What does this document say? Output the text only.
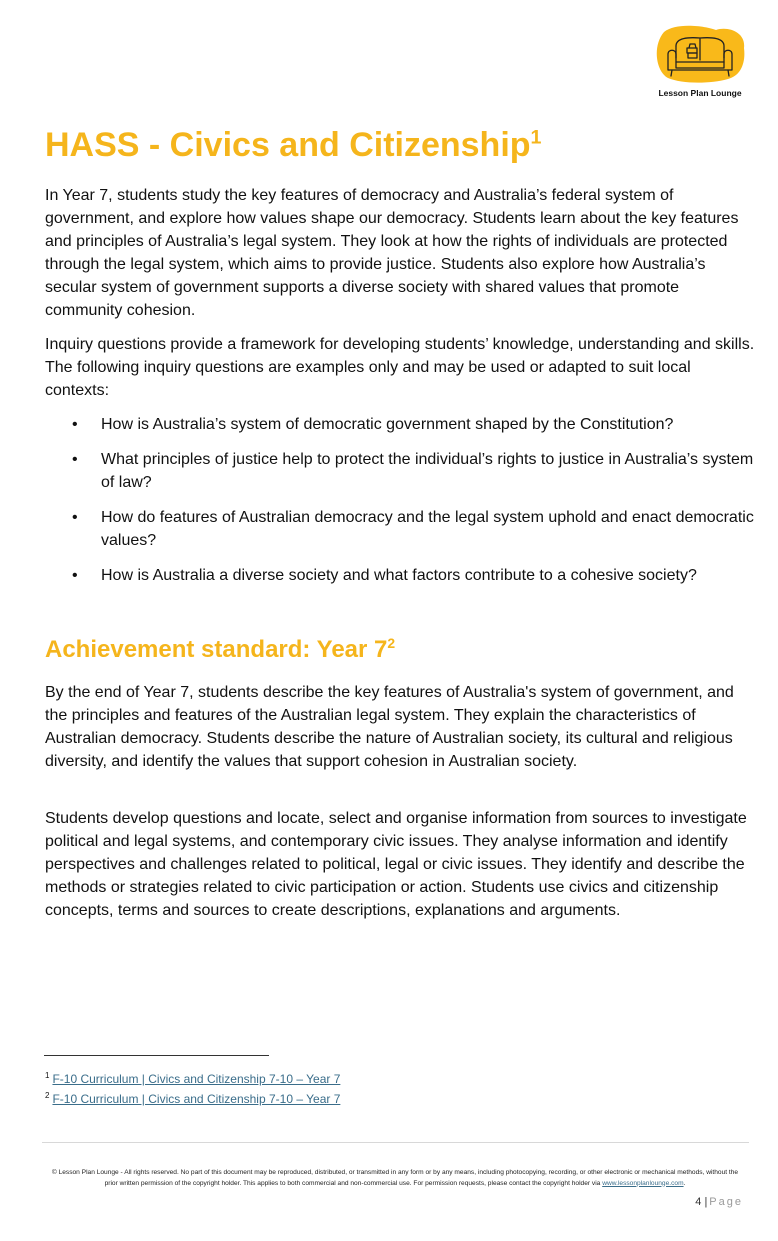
Lesson Plan Lounge
HASS - Civics and Citizenship$^1$

In Year 7, students study the key features of democracy and Australia’s federal system of government, and explore how values shape our democracy. Students learn about the key features and principles of Australia’s legal system. They look at how the rights of individuals are protected through the legal system, which aims to provide justice. Students also explore how Australia’s secular system of government supports a diverse society with shared values that promote community cohesion.

Inquiry questions provide a framework for developing students’ knowledge, understanding and skills. The following inquiry questions are examples only and may be used or adapted to suit local contexts:

• How is Australia’s system of democratic government shaped by the Constitution?
• What principles of justice help to protect the individual’s rights to justice in Australia’s system of law?
• How do features of Australian democracy and the legal system uphold and enact democratic values?
• How is Australia a diverse society and what factors contribute to a cohesive society?
Achievement standard: Year $7^2$

By the end of Year 7, students describe the key features of Australia's system of government, and the principles and features of the Australian legal system. They explain the characteristics of Australian democracy. Students describe the nature of Australian society, its cultural and religious diversity, and identify the values that support cohesion in Australian society.

Students develop questions and locate, select and organise information from sources to investigate political and legal systems, and contemporary civic issues. They analyse information and identify perspectives and challenges related to political, legal or civic issues. They identify and describe the methods or strategies related to civic participation or action. Students use civics and citizenship concepts, terms and sources to create descriptions, explanations and arguments.

$^1$ F-10 Curriculum | Civics and Citizenship 7-10 – Year 7
$^2$ F-10 Curriculum | Civics and Citizenship 7-10 – Year 7
© Lesson Plan Lounge - All rights reserved. No part of this document may be reproduced, distributed, or transmitted in any form or by any means, including photocopying, recording, or other electronic or mechanical methods, without the prior written permission of the copyright holder. This applies to both commercial and non-commercial use. For permission requests, please contact the copyright holder via www.lessonplanlounge.com.
4 | Page
